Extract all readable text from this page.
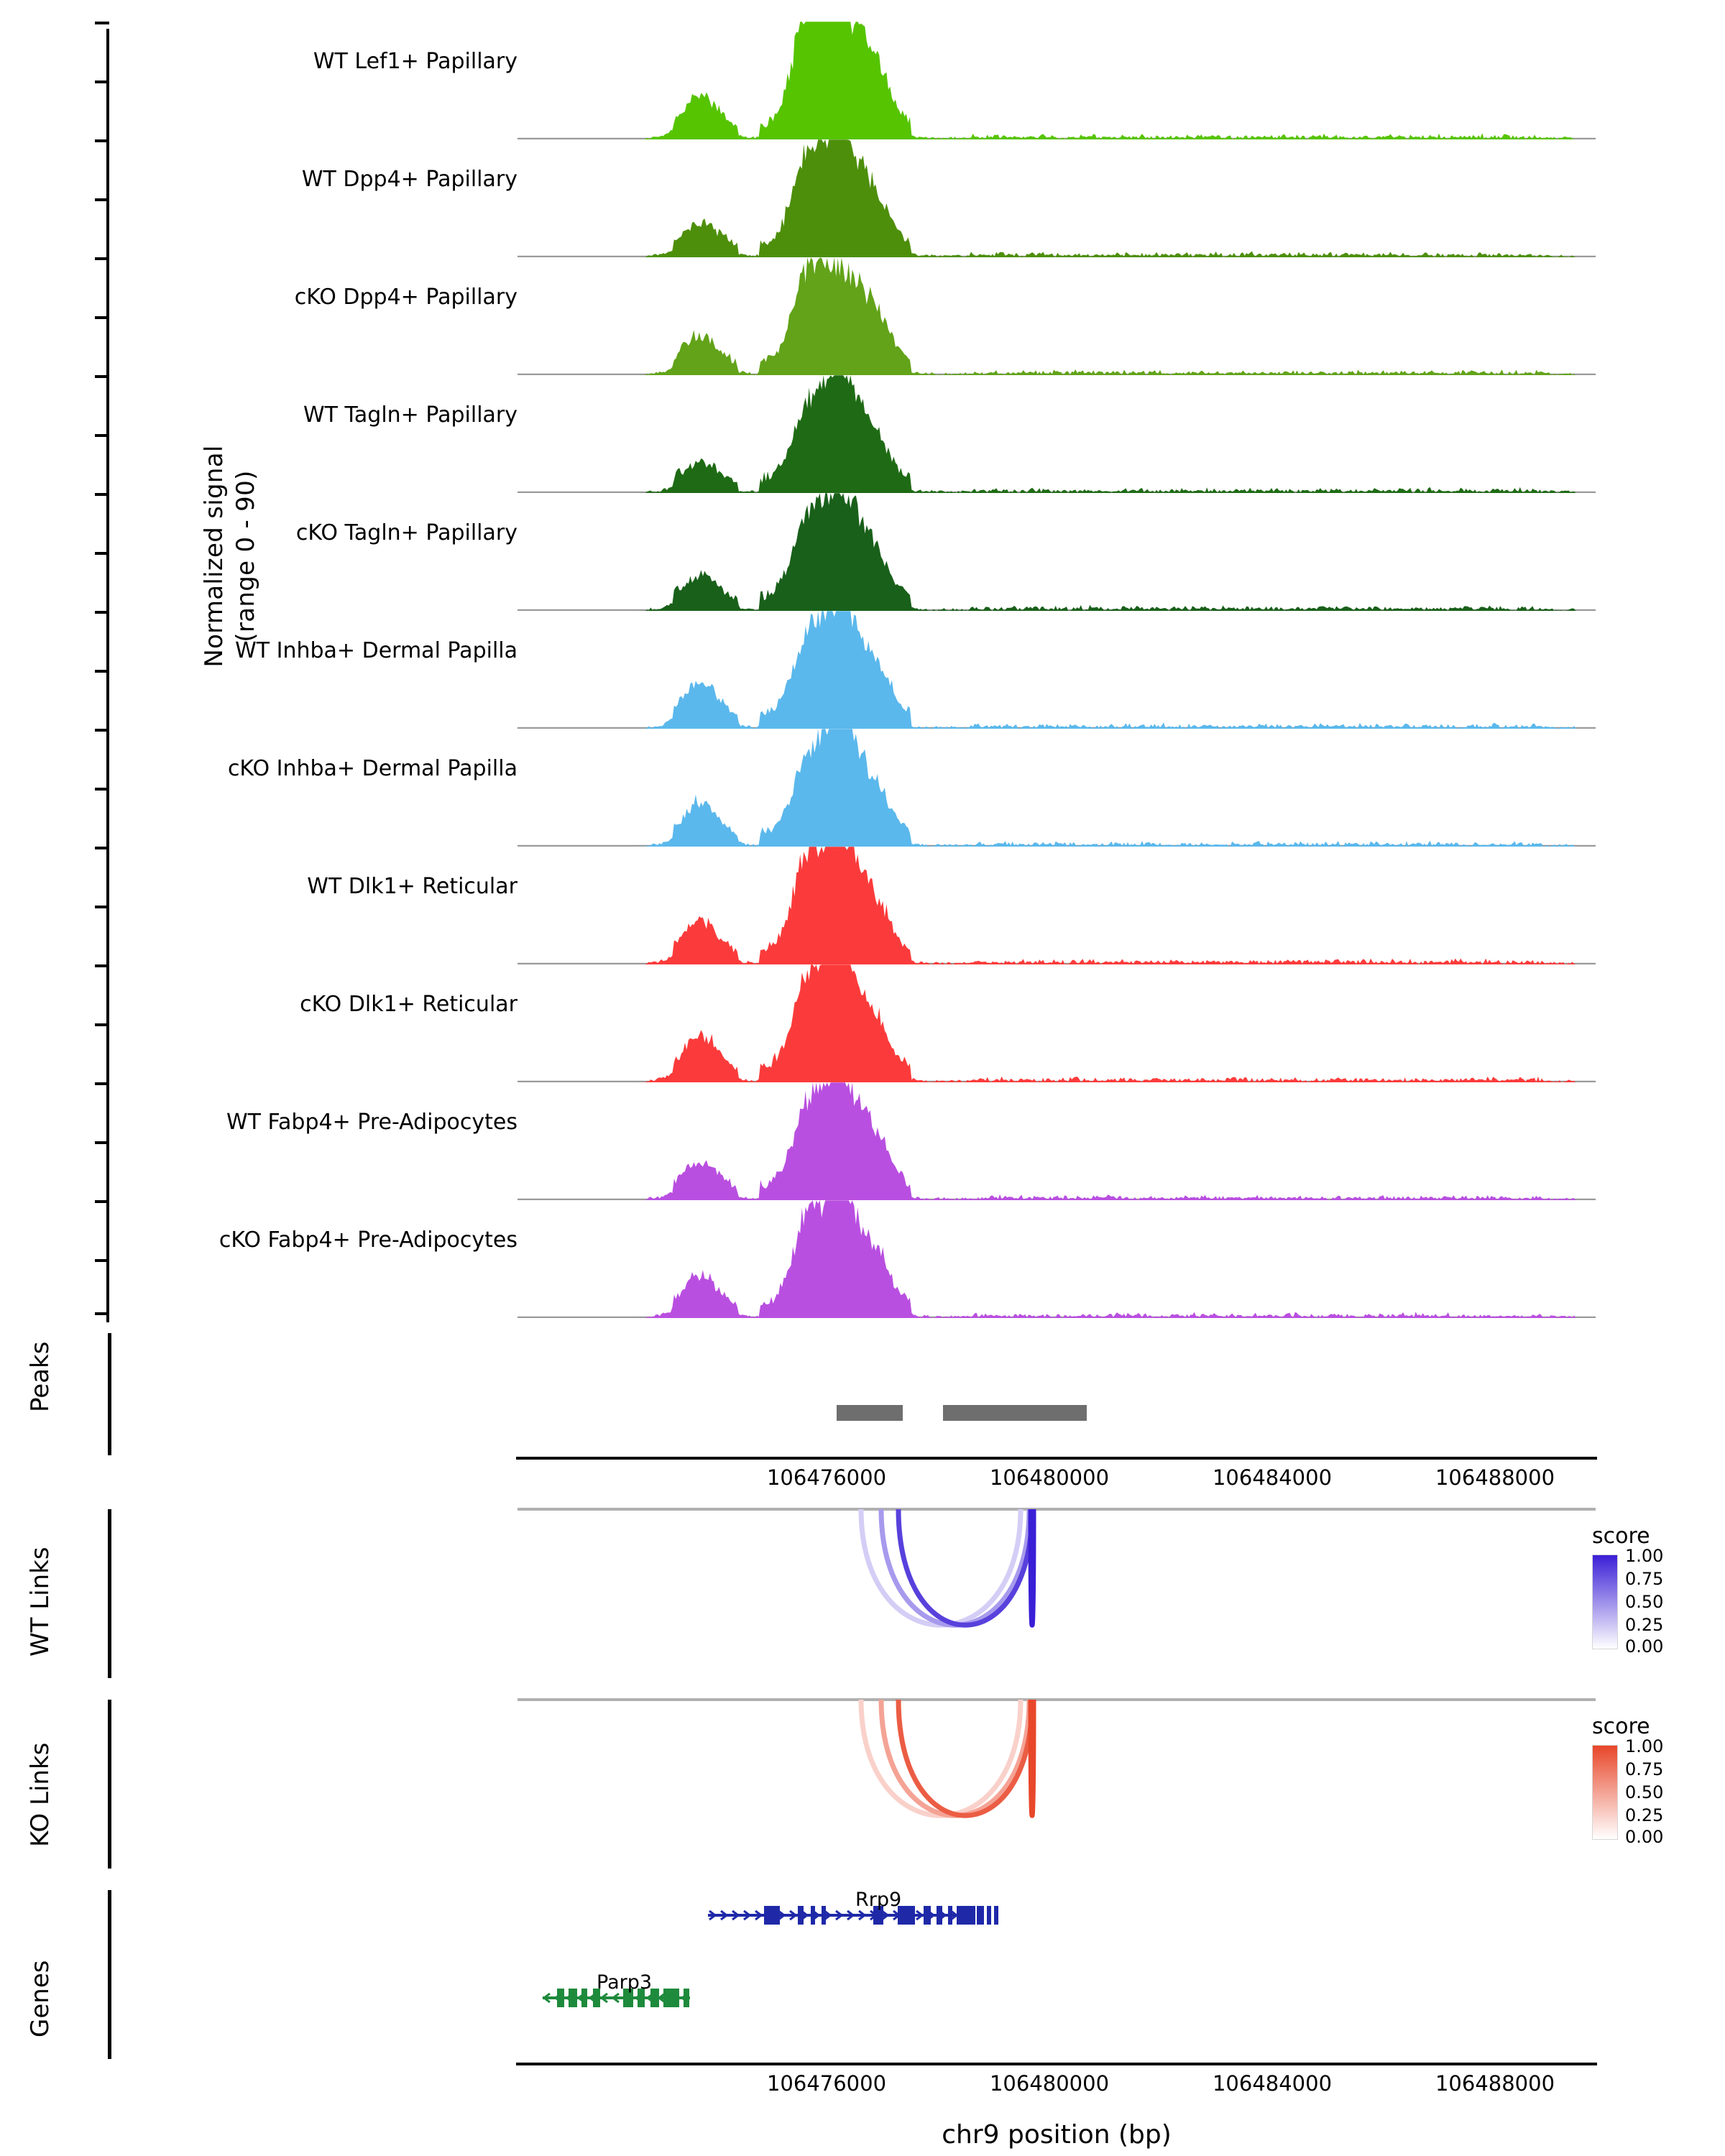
Normalized signal (range 0 - 90)
WT Lef1+ Papillary
WT Dpp4+ Papillary
cKO Dpp4+ Papillary
WT Tagln+ Papillary
cKO Tagln+ Papillary
WT Inhba+ Dermal Papilla
cKO Inhba+ Dermal Papilla
WT Dlk1+ Reticular
cKO Dlk1+ Reticular
WT Fabp4+ Pre-Adipocytes
cKO Fabp4+ Pre-Adipocytes
Peaks
106476000	106480000	106484000	106488000
WT Links
score
1.00
0.75
0.50
0.25
0.00
KO Links
score
1.00
0.75
0.50
0.25
0.00
Genes
Rrp9
Parp3
106476000	106480000	106484000	106488000
chr9 position (bp)
